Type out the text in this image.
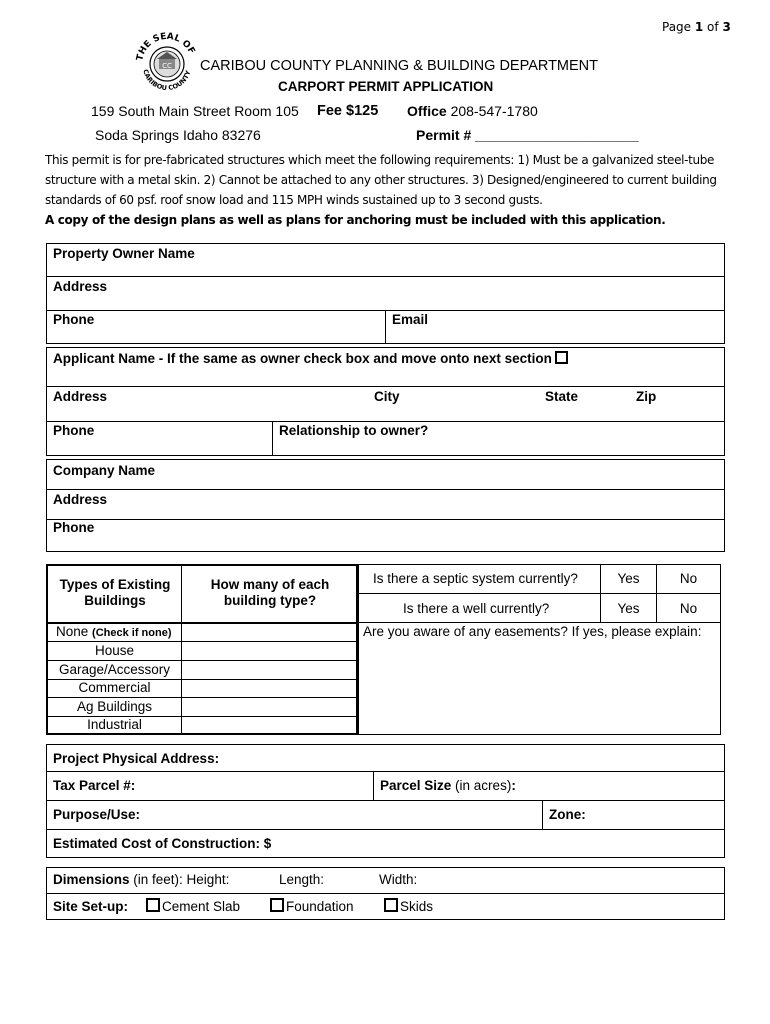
Page 1 of 3
THE SEAL OF
CARIBOU COUNTY
CC CARIBOU COUNTY PLANNING & BUILDING DEPARTMENT
CARPORT PERMIT APPLICATION
159 South Main Street Room 105 Fee $125 Office 208-547-1780
Soda Springs Idaho 83276	Permit # _____________________
This permit is for pre-fabricated structures which meet the following requirements: 1) Must be a galvanized steel-tube
structure with a metal skin. 2) Cannot be attached to any other structures. 3) Designed/engineered to current building
standards of 60 psf. roof snow load and 115 MPH winds sustained up to 3 second gusts.
A copy of the design plans as well as plans for anchoring must be included with this application.
Property Owner Name
Address
Phone	Email
Applicant Name - If the same as owner check box and move onto next section
Address	City	State	Zip
Phone	Relationship to owner?
Company Name
Address
Phone
Types of Existing Buildings
How many of each building type?
None (Check if none)
House
Garage/Accessory
Commercial
Ag Buildings
Industrial
Is there a septic system currently?	Yes	No
Is there a well currently?	Yes	No
Are you aware of any easements? If yes, please explain:
Project Physical Address:
Tax Parcel #:	Parcel Size (in acres):
Purpose/Use:	Zone:
Estimated Cost of Construction: $
Dimensions (in feet): Height:	Length:	Width:
Site Set-up:	Cement Slab	Foundation	Skids
